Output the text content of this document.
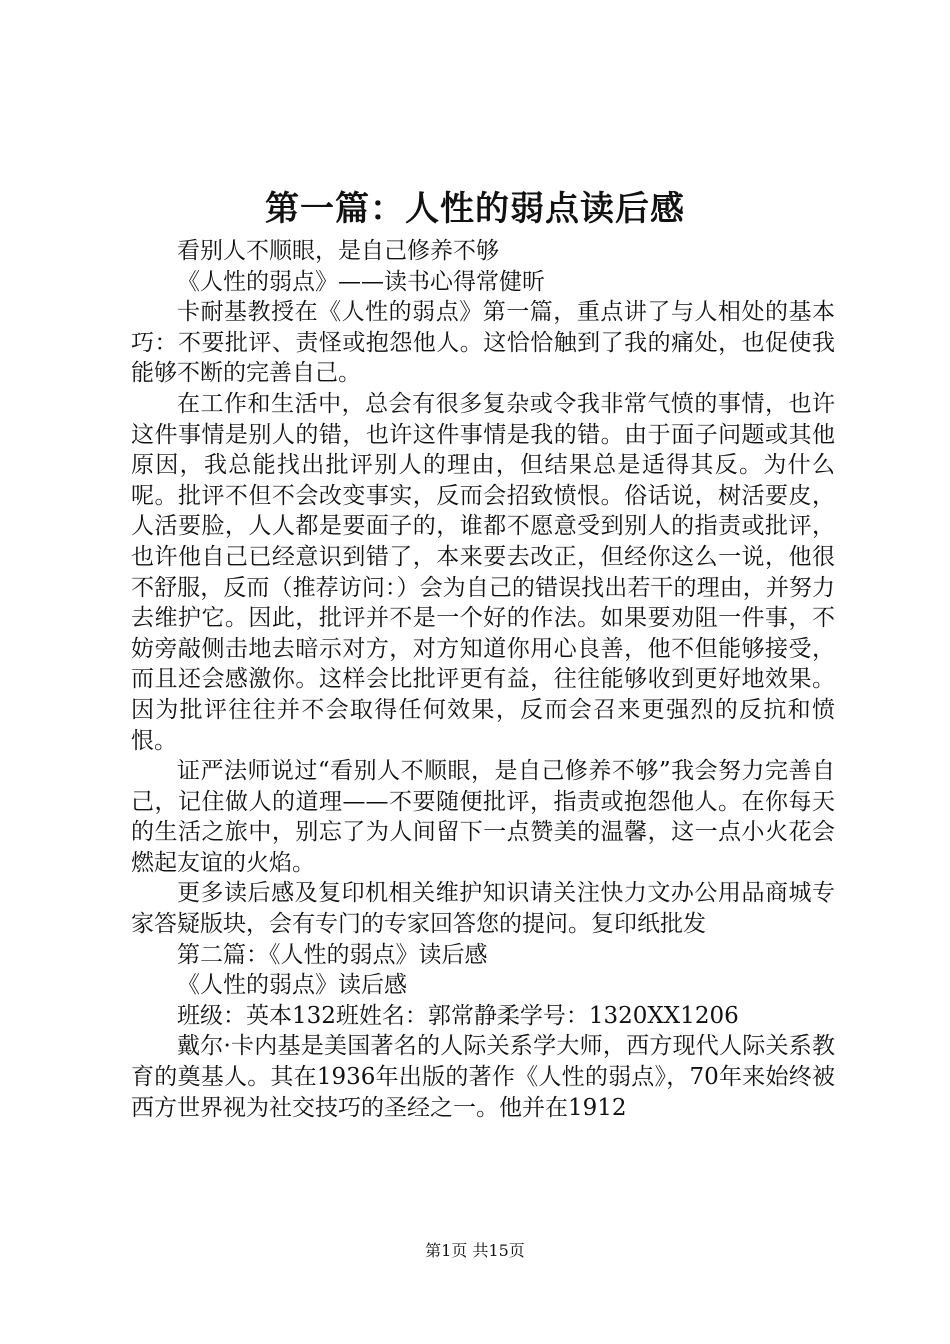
第一篇：人性的弱点读后感

看别人不顺眼，是自己修养不够

《人性的弱点》——读书心得常健昕

卡耐基教授在《人性的弱点》第一篇，重点讲了与人相处的基本巧：不要批评、责怪或抱怨他人。这恰恰触到了我的痛处，也促使我能够不断的完善自己。

在工作和生活中，总会有很多复杂或令我非常气愤的事情，也许这件事情是别人的错，也许这件事情是我的错。由于面子问题或其他原因，我总能找出批评别人的理由，但结果总是适得其反。为什么呢。批评不但不会改变事实，反而会招致愤恨。俗话说，树活要皮，人活要脸，人人都是要面子的，谁都不愿意受到别人的指责或批评，也许他自己已经意识到错了，本来要去改正，但经你这么一说，他很不舒服，反而（推荐访问：）会为自己的错误找出若干的理由，并努力去维护它。因此，批评并不是一个好的作法。如果要劝阻一件事，不妨旁敲侧击地去暗示对方，对方知道你用心良善，他不但能够接受，而且还会感激你。这样会比批评更有益，往往能够收到更好地效果。因为批评往往并不会取得任何效果，反而会召来更强烈的反抗和愤恨。

证严法师说过“看别人不顺眼，是自己修养不够”我会努力完善自己，记住做人的道理——不要随便批评，指责或抱怨他人。在你每天的生活之旅中，别忘了为人间留下一点赞美的温馨，这一点小火花会燃起友谊的火焰。

更多读后感及复印机相关维护知识请关注快力文办公用品商城专家答疑版块，会有专门的专家回答您的提问。复印纸批发

第二篇：《人性的弱点》读后感

《人性的弱点》读后感

班级：英本132班姓名：郭常静柔学号：1320XX1206

戴尔·卡内基是美国著名的人际关系学大师，西方现代人际关系教育的奠基人。其在1936年出版的著作《人性的弱点》，70年来始终被西方世界视为社交技巧的圣经之一。他并在1912

第1页 共15页
